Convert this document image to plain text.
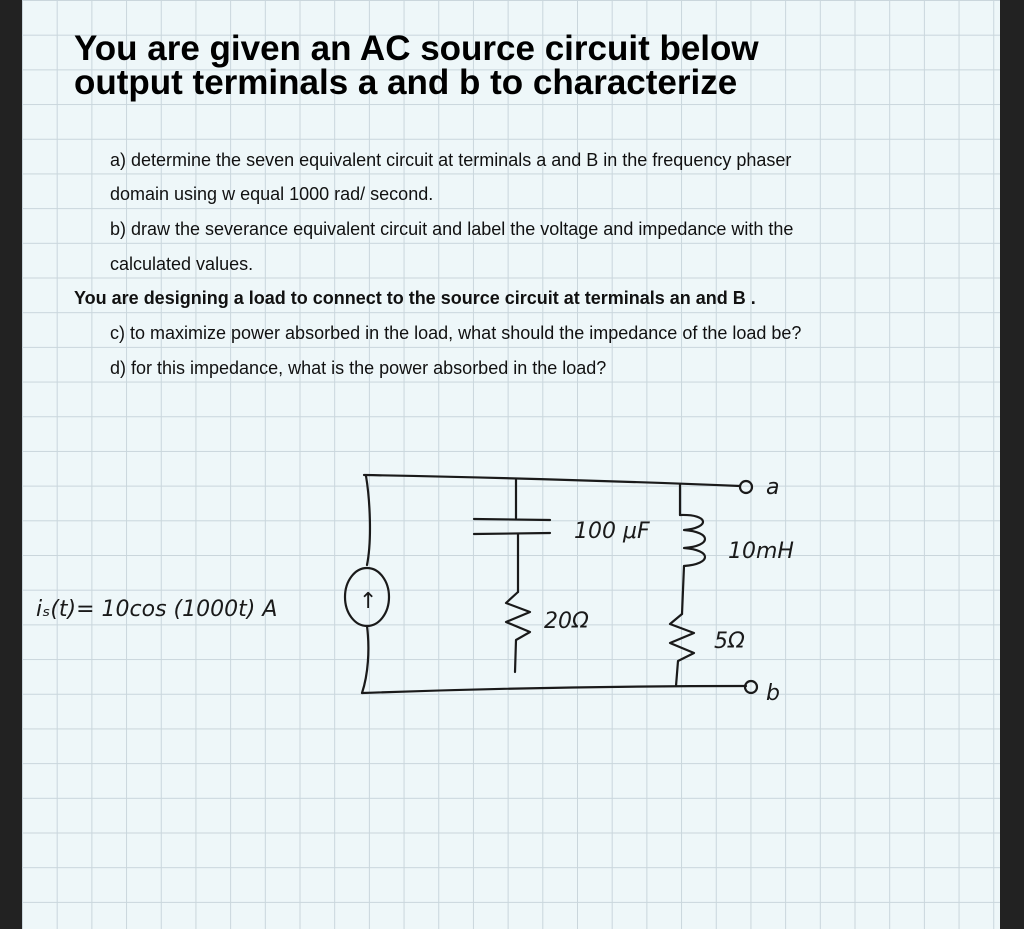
You are given an AC source circuit below
output terminals a and b to characterize

a) determine the seven equivalent circuit at terminals a and B in the frequency phaser

domain using w equal 1000 rad/ second.

b) draw the severance equivalent circuit and label the voltage and impedance with the

calculated values.

You are designing a load to connect to the source circuit at terminals an and B .

c) to maximize power absorbed in the load, what should the impedance of the load be?

d) for this impedance, what is the power absorbed in the load?

↑
100 μF
10mH
20Ω
5Ω
a
b
iₛ(t)= 10cos (1000t) A
